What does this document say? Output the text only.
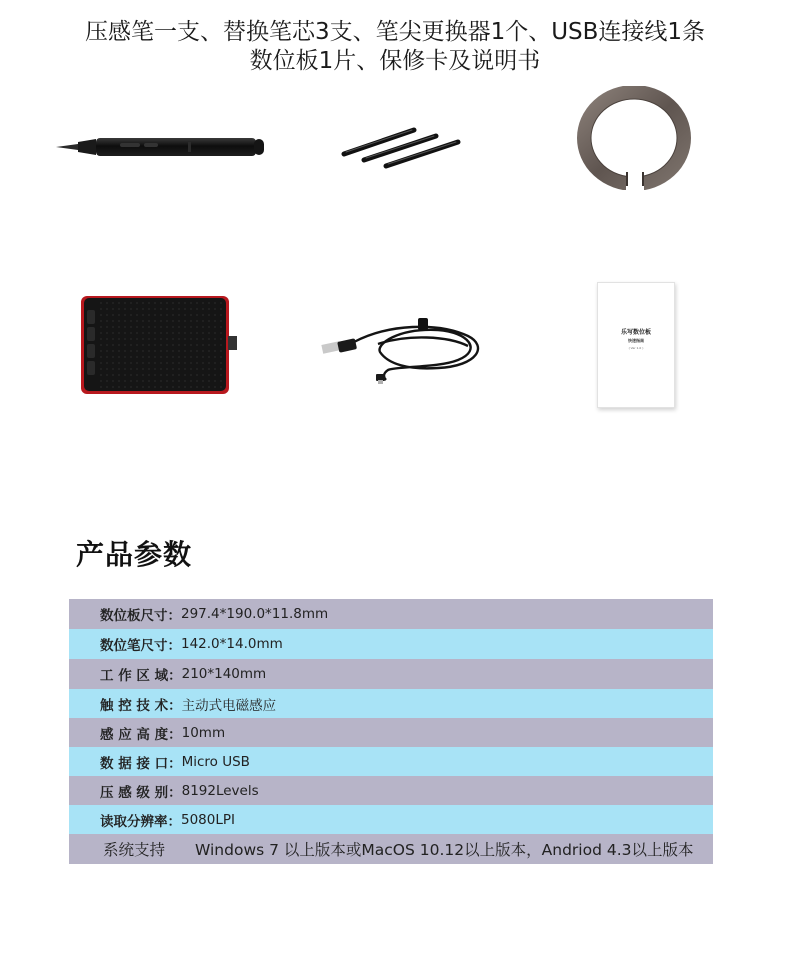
压感笔一支、替换笔芯3支、笔尖更换器1个、USB连接线1条
数位板1片、保修卡及说明书
乐写数位板
快速指南
( Ver 1.0 )
产品参数
数位板尺寸： 297.4*190.0*11.8mm
数位笔尺寸： 142.0*14.0mm
工 作 区 域： 210*140mm
触 控 技 术： 主动式电磁感应
感 应 高 度： 10mm
数 据 接 口： Micro USB
压 感 级 别： 8192Levels
读取分辨率： 5080LPI
系统支持	Windows 7 以上版本或MacOS 10.12以上版本，Andriod 4.3以上版本
